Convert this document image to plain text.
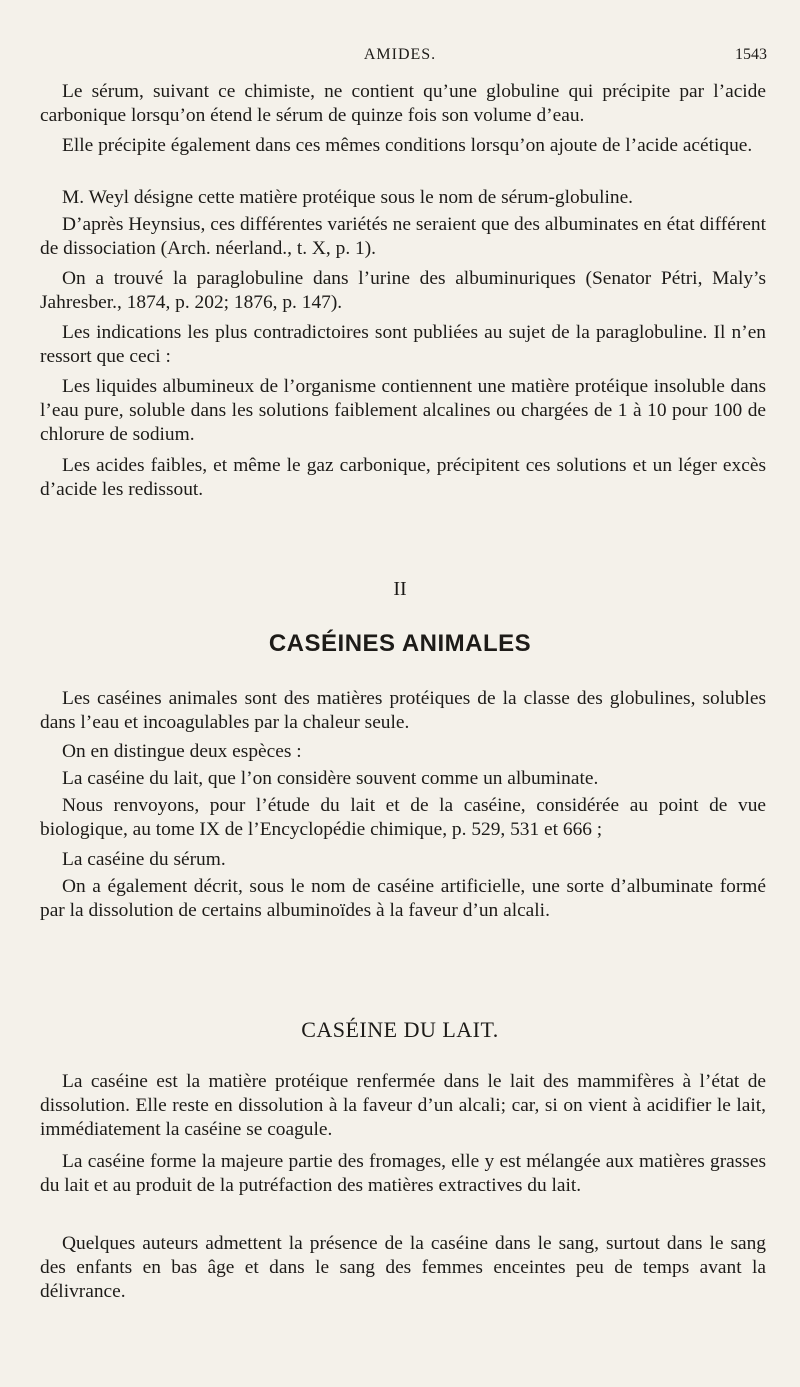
AMIDES.	1543

Le sérum, suivant ce chimiste, ne contient qu’une globuline qui précipite par l’acide carbonique lorsqu’on étend le sérum de quinze fois son volume d’eau.

Elle précipite également dans ces mêmes conditions lorsqu’on ajoute de l’acide acétique.

M. Weyl désigne cette matière protéique sous le nom de sérum-globuline.

D’après Heynsius, ces différentes variétés ne seraient que des albuminates en état différent de dissociation (Arch. néerland., t. X, p. 1).

On a trouvé la paraglobuline dans l’urine des albuminuriques (Senator Pétri, Maly’s Jahresber., 1874, p. 202; 1876, p. 147).

Les indications les plus contradictoires sont publiées au sujet de la paraglobuline. Il n’en ressort que ceci :

Les liquides albumineux de l’organisme contiennent une matière protéique insoluble dans l’eau pure, soluble dans les solutions faiblement alcalines ou chargées de 1 à 10 pour 100 de chlorure de sodium.

Les acides faibles, et même le gaz carbonique, précipitent ces solutions et un léger excès d’acide les redissout.

II
CASÉINES ANIMALES

Les caséines animales sont des matières protéiques de la classe des globulines, solubles dans l’eau et incoagulables par la chaleur seule.

On en distingue deux espèces :

La caséine du lait, que l’on considère souvent comme un albuminate.

Nous renvoyons, pour l’étude du lait et de la caséine, considérée au point de vue biologique, au tome IX de l’Encyclopédie chimique, p. 529, 531 et 666 ;

La caséine du sérum.

On a également décrit, sous le nom de caséine artificielle, une sorte d’albuminate formé par la dissolution de certains albuminoïdes à la faveur d’un alcali.

CASÉINE DU LAIT.

La caséine est la matière protéique renfermée dans le lait des mammifères à l’état de dissolution. Elle reste en dissolution à la faveur d’un alcali; car, si on vient à acidifier le lait, immédiatement la caséine se coagule.

La caséine forme la majeure partie des fromages, elle y est mélangée aux matières grasses du lait et au produit de la putréfaction des matières extractives du lait.

Quelques auteurs admettent la présence de la caséine dans le sang, surtout dans le sang des enfants en bas âge et dans le sang des femmes enceintes peu de temps avant la délivrance.
